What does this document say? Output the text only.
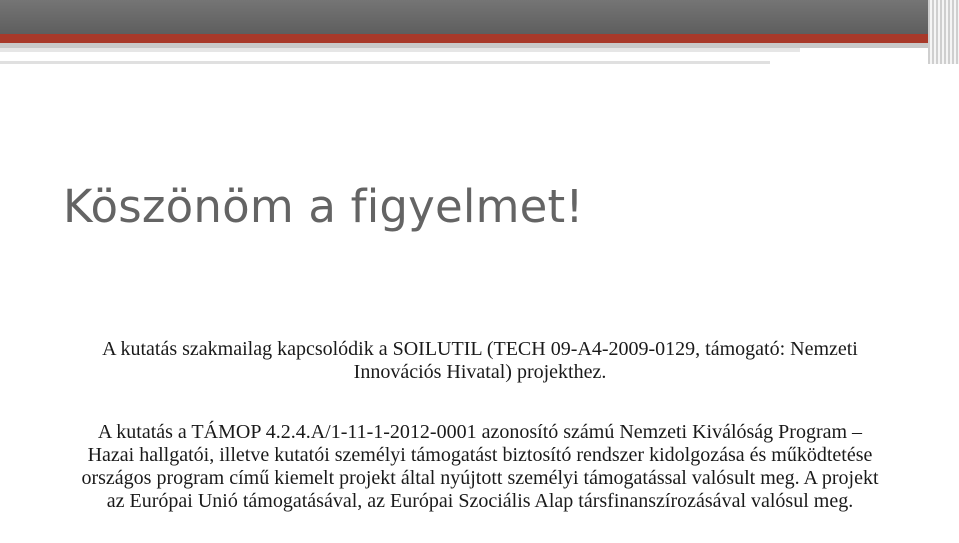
Köszönöm a figyelmet!

A kutatás szakmailag kapcsolódik a SOILUTIL (TECH 09-A4-2009-0129, támogató: Nemzeti Innovációs Hivatal) projekthez.

A kutatás a TÁMOP 4.2.4.A/1-11-1-2012-0001 azonosító számú Nemzeti Kiválóság Program – Hazai hallgatói, illetve kutatói személyi támogatást biztosító rendszer kidolgozása és működtetése országos program című kiemelt projekt által nyújtott személyi támogatással valósult meg. A projekt az Európai Unió támogatásával, az Európai Szociális Alap társfinanszírozásával valósul meg.
